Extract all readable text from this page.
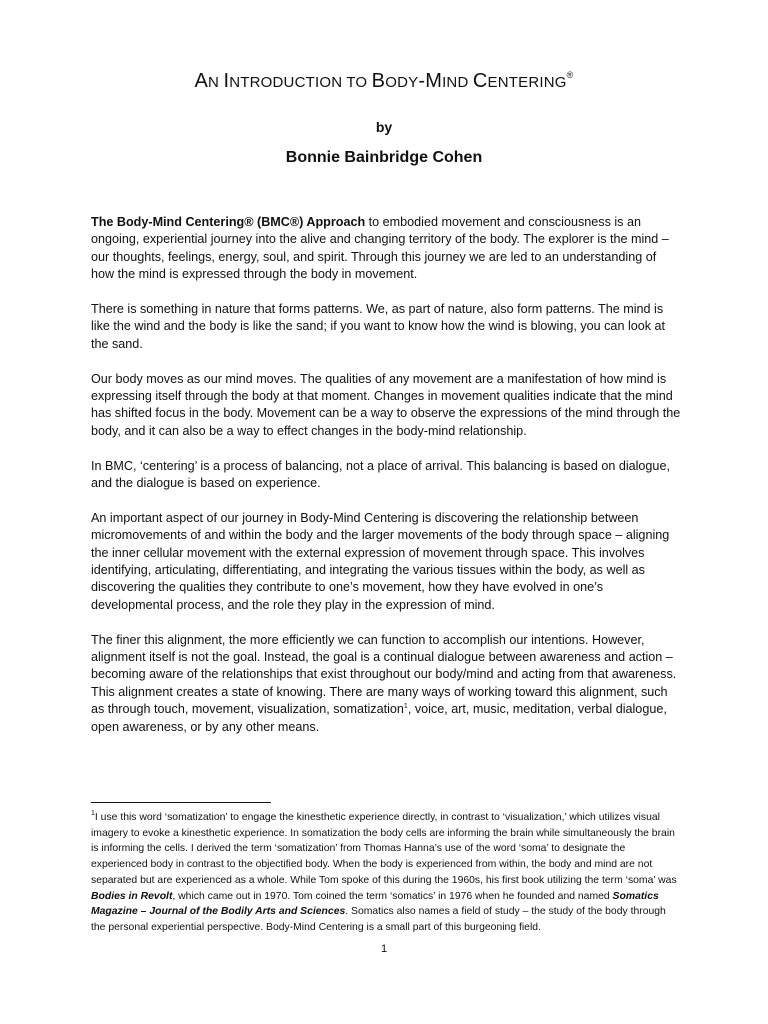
AN INTRODUCTION TO BODY-MIND CENTERING®
by
Bonnie Bainbridge Cohen

The Body-Mind Centering® (BMC®) Approach to embodied movement and consciousness is an ongoing, experiential journey into the alive and changing territory of the body. The explorer is the mind – our thoughts, feelings, energy, soul, and spirit. Through this journey we are led to an understanding of how the mind is expressed through the body in movement.

There is something in nature that forms patterns. We, as part of nature, also form patterns. The mind is like the wind and the body is like the sand; if you want to know how the wind is blowing, you can look at the sand.

Our body moves as our mind moves. The qualities of any movement are a manifestation of how mind is expressing itself through the body at that moment. Changes in movement qualities indicate that the mind has shifted focus in the body. Movement can be a way to observe the expressions of the mind through the body, and it can also be a way to effect changes in the body-mind relationship.

In BMC, ‘centering’ is a process of balancing, not a place of arrival. This balancing is based on dialogue, and the dialogue is based on experience.

An important aspect of our journey in Body-Mind Centering is discovering the relationship between micromovements of and within the body and the larger movements of the body through space – aligning the inner cellular movement with the external expression of movement through space. This involves identifying, articulating, differentiating, and integrating the various tissues within the body, as well as discovering the qualities they contribute to one’s movement, how they have evolved in one’s developmental process, and the role they play in the expression of mind.

The finer this alignment, the more efficiently we can function to accomplish our intentions. However, alignment itself is not the goal. Instead, the goal is a continual dialogue between awareness and action – becoming aware of the relationships that exist throughout our body/mind and acting from that awareness. This alignment creates a state of knowing. There are many ways of working toward this alignment, such as through touch, movement, visualization, somatization$^1$, voice, art, music, meditation, verbal dialogue, open awareness, or by any other means.

$^1$I use this word ‘somatization’ to engage the kinesthetic experience directly, in contrast to ‘visualization,’ which utilizes visual imagery to evoke a kinesthetic experience. In somatization the body cells are informing the brain while simultaneously the brain is informing the cells. I derived the term ‘somatization’ from Thomas Hanna’s use of the word ‘soma’ to designate the experienced body in contrast to the objectified body. When the body is experienced from within, the body and mind are not separated but are experienced as a whole. While Tom spoke of this during the 1960s, his first book utilizing the term ‘soma’ was Bodies in Revolt, which came out in 1970. Tom coined the term ‘somatics’ in 1976 when he founded and named Somatics Magazine – Journal of the Bodily Arts and Sciences. Somatics also names a field of study – the study of the body through the personal experiential perspective. Body-Mind Centering is a small part of this burgeoning field.
1
